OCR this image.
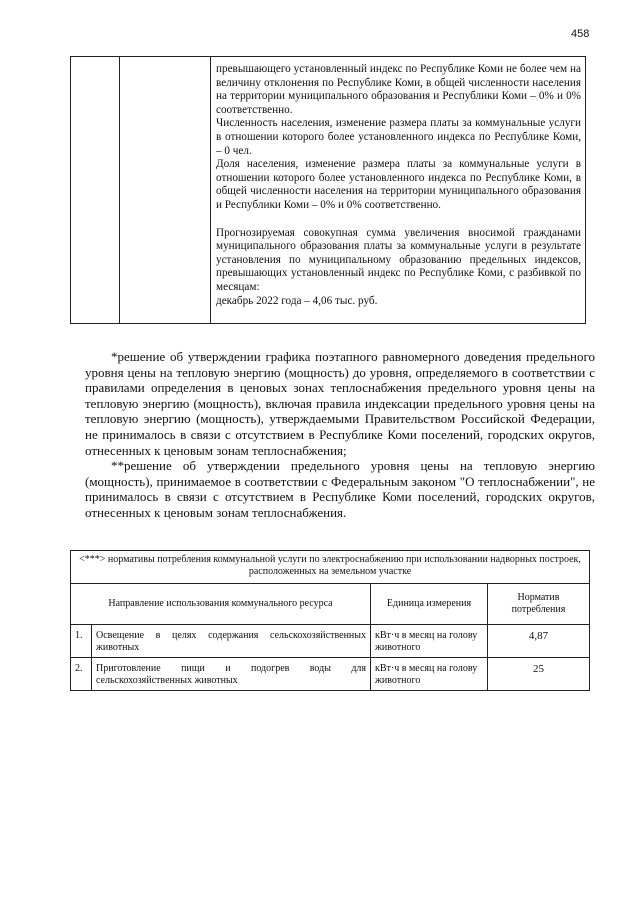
458

превышающего установленный индекс по Республике Коми не более чем на величину отклонения по Республике Коми, в общей численности населения на территории муниципального образования и Республики Коми – 0% и 0% соответственно.

Численность населения, изменение размера платы за коммунальные услуги в отношении которого более установленного индекса по Республике Коми, – 0 чел.

Доля населения, изменение размера платы за коммунальные услуги в отношении которого более установленного индекса по Республике Коми, в общей численности населения на территории муниципального образования и Республики Коми – 0% и 0% соответственно.

Прогнозируемая совокупная сумма увеличения вносимой гражданами муниципального образования платы за коммунальные услуги в результате установления по муниципальному образованию предельных индексов, превышающих установленный индекс по Республике Коми, с разбивкой по месяцам:

декабрь 2022 года – 4,06 тыс. руб.

*решение об утверждении графика поэтапного равномерного доведения предельного уровня цены на тепловую энергию (мощность) до уровня, определяемого в соответствии с правилами определения в ценовых зонах теплоснабжения предельного уровня цены на тепловую энергию (мощность), включая правила индексации предельного уровня цены на тепловую энергию (мощность), утверждаемыми Правительством Российской Федерации, не принималось в связи с отсутствием в Республике Коми поселений, городских округов, отнесенных к ценовым зонам теплоснабжения;

**решение об утверждении предельного уровня цены на тепловую энергию (мощность), принимаемое в соответствии с Федеральным законом "О теплоснабжении", не принималось в связи с отсутствием в Республике Коми поселений, городских округов, отнесенных к ценовым зонам теплоснабжения.

<***> нормативы потребления коммунальной услуги по электроснабжению при использовании надворных построек, расположенных на земельном участке			
Направление использования коммунального ресурса		Единица измерения	Норматив потребления
1.	Освещение в целях содержания сельскохозяйственных животных	кВт·ч в месяц на голову животного	4,87
2.	Приготовление пищи и подогрев воды для сельскохозяйственных животных	кВт·ч в месяц на голову животного	25
